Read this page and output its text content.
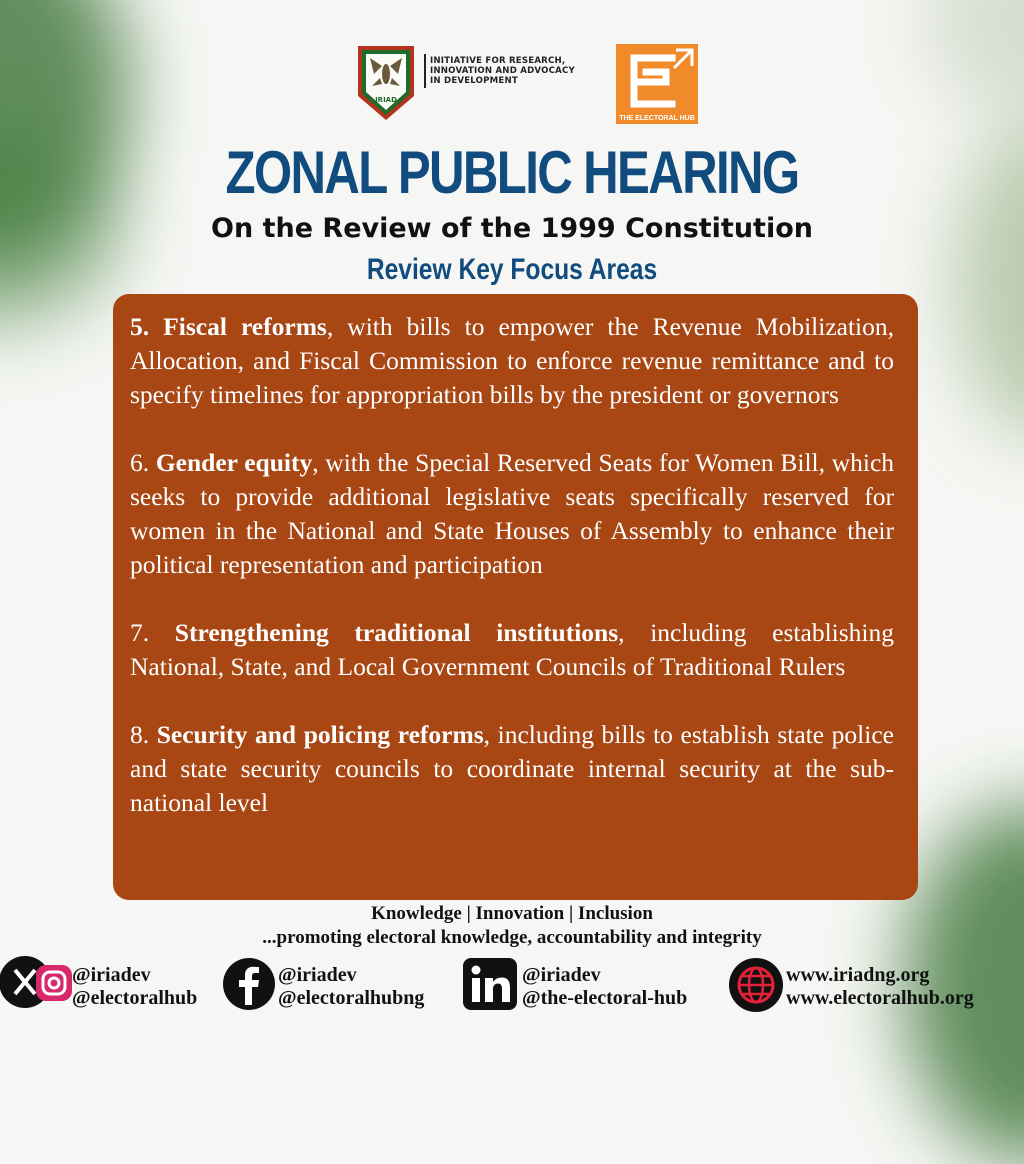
IRIAD
INITIATIVE FOR RESEARCH,
INNOVATION AND ADVOCACY
IN DEVELOPMENT
THE ELECTORAL HUB
ZONAL PUBLIC HEARING
On the Review of the 1999 Constitution
Review Key Focus Areas

5. Fiscal reforms, with bills to empower the Revenue Mobilization, Allocation, and Fiscal Commission to enforce revenue remittance and to specify timelines for appropriation bills by the president or governors

6. Gender equity, with the Special Reserved Seats for Women Bill, which seeks to provide additional legislative seats specifically reserved for women in the National and State Houses of Assembly to enhance their political representation and participation

7. Strengthening traditional institutions, including establishing National, State, and Local Government Councils of Traditional Rulers

8. Security and policing reforms, including bills to establish state police and state security councils to coordinate internal security at the sub-national level

Knowledge | Innovation | Inclusion
...promoting electoral knowledge, accountability and integrity
@iriadev
@electoralhub
@iriadev
@electoralhubng
@iriadev
@the-electoral-hub
www.iriadng.org
www.electoralhub.org
